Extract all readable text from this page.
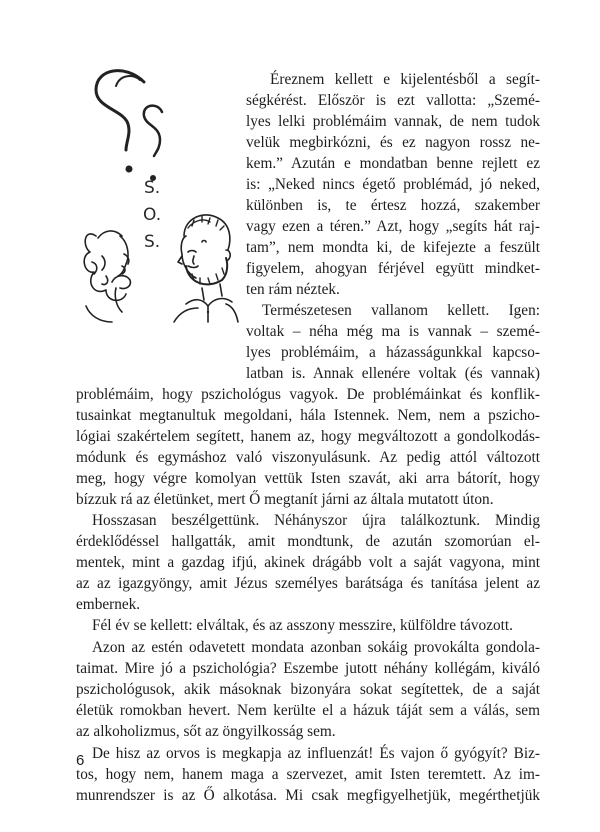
S.
O.
S.
Éreznem kellett e kijelentésből a segít-
ségkérést. Először is ezt vallotta: „Szemé-
lyes lelki problémáim vannak, de nem tudok
velük megbirkózni, és ez nagyon rossz ne-
kem.” Azután e mondatban benne rejlett ez
is: „Neked nincs égető problémád, jó neked,
különben is, te értesz hozzá, szakember
vagy ezen a téren.” Azt, hogy „segíts hát raj-
tam”, nem mondta ki, de kifejezte a feszült
figyelem, ahogyan férjével együtt mindket-
ten rám néztek.
Természetesen vallanom kellett. Igen:
voltak – néha még ma is vannak – szemé-
lyes problémáim, a házasságunkkal kapcso-
latban is. Annak ellenére voltak (és vannak)
problémáim, hogy pszichológus vagyok. De problémáinkat és konflik-
tusainkat megtanultuk megoldani, hála Istennek. Nem, nem a pszicho-
lógiai szakértelem segített, hanem az, hogy megváltozott a gondolkodás-
módunk és egymáshoz való viszonyulásunk. Az pedig attól változott
meg, hogy végre komolyan vettük Isten szavát, aki arra bátorít, hogy
bízzuk rá az életünket, mert Ő megtanít járni az általa mutatott úton.
Hosszasan beszélgettünk. Néhányszor újra találkoztunk. Mindig
érdeklődéssel hallgatták, amit mondtunk, de azután szomorúan el-
mentek, mint a gazdag ifjú, akinek drágább volt a saját vagyona, mint
az az igazgyöngy, amit Jézus személyes barátsága és tanítása jelent az
embernek.
Fél év se kellett: elváltak, és az asszony messzire, külföldre távozott.
Azon az estén odavetett mondata azonban sokáig provokálta gondola-
taimat. Mire jó a pszichológia? Eszembe jutott néhány kollégám, kiváló
pszichológusok, akik másoknak bizonyára sokat segítettek, de a saját
életük romokban hevert. Nem kerülte el a házuk táját sem a válás, sem
az alkoholizmus, sőt az öngyilkosság sem.
De hisz az orvos is megkapja az influenzát! És vajon ő gyógyít? Biz-
tos, hogy nem, hanem maga a szervezet, amit Isten teremtett. Az im-
munrendszer is az Ő alkotása. Mi csak megfigyelhetjük, megérthetjük
6
